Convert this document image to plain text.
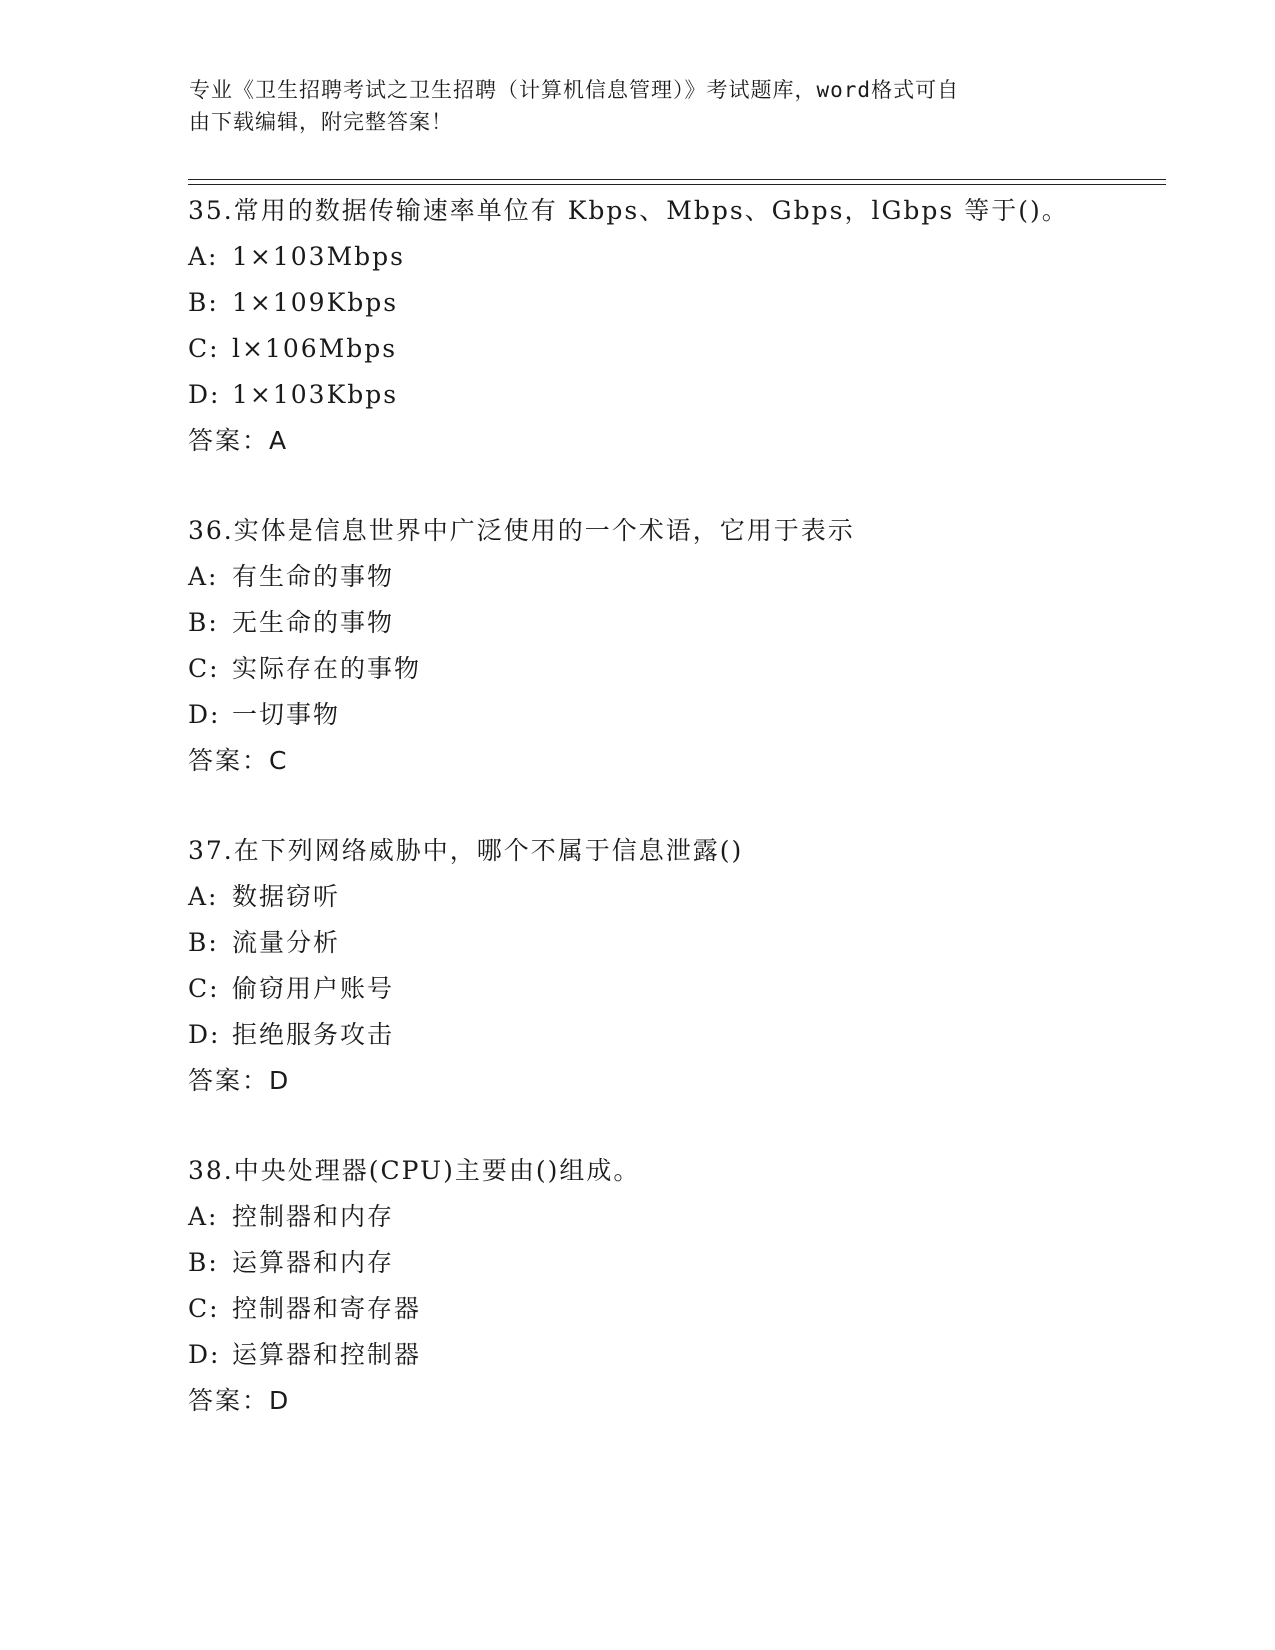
专业《卫生招聘考试之卫生招聘（计算机信息管理）》考试题库，word格式可自
由下载编辑，附完整答案！
35.常用的数据传输速率单位有 Kbps、Mbps、Gbps，lGbps 等于()。
A: 1×103Mbps
B: 1×109Kbps
C: l×106Mbps
D: 1×103Kbps
答案：A
36.实体是信息世界中广泛使用的一个术语，它用于表示
A: 有生命的事物
B: 无生命的事物
C: 实际存在的事物
D: 一切事物
答案：C
37.在下列网络威胁中，哪个不属于信息泄露()
A: 数据窃听
B: 流量分析
C: 偷窃用户账号
D: 拒绝服务攻击
答案：D
38.中央处理器(CPU)主要由()组成。
A: 控制器和内存
B: 运算器和内存
C: 控制器和寄存器
D: 运算器和控制器
答案：D
